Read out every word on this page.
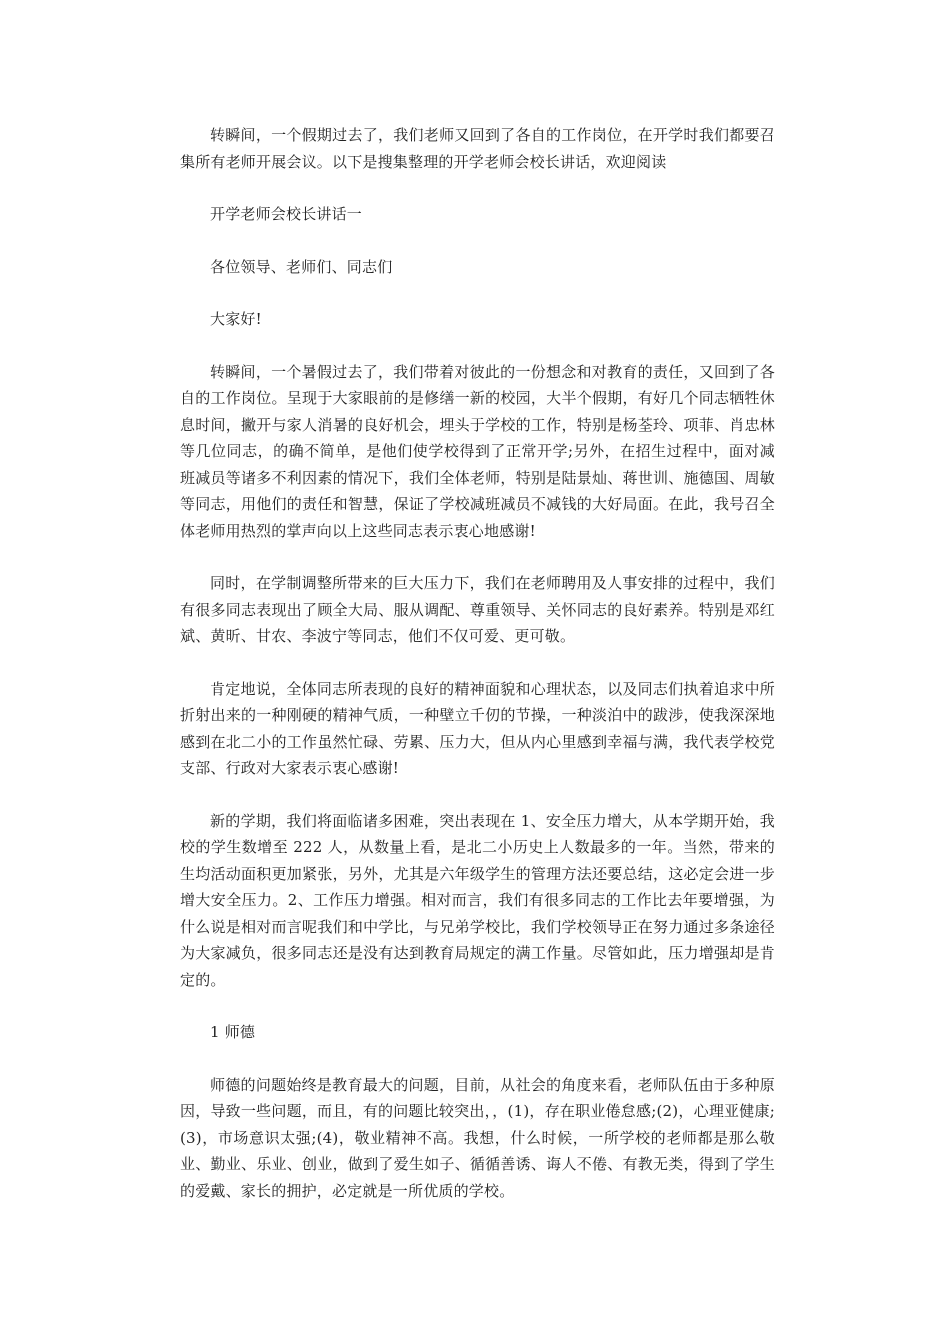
转瞬间，一个假期过去了，我们老师又回到了各自的工作岗位，在开学时我们都要召集所有老师开展会议。以下是搜集整理的开学老师会校长讲话，欢迎阅读

开学老师会校长讲话一

各位领导、老师们、同志们

大家好!

转瞬间，一个暑假过去了，我们带着对彼此的一份想念和对教育的责任，又回到了各自的工作岗位。呈现于大家眼前的是修缮一新的校园，大半个假期，有好几个同志牺牲休息时间，撇开与家人消暑的良好机会，埋头于学校的工作，特别是杨荃玲、项菲、肖忠林等几位同志，的确不简单，是他们使学校得到了正常开学;另外，在招生过程中，面对减班减员等诸多不利因素的情况下，我们全体老师，特别是陆景灿、蒋世训、施德国、周敏等同志，用他们的责任和智慧，保证了学校减班减员不减钱的大好局面。在此，我号召全体老师用热烈的掌声向以上这些同志表示衷心地感谢!

同时，在学制调整所带来的巨大压力下，我们在老师聘用及人事安排的过程中，我们有很多同志表现出了顾全大局、服从调配、尊重领导、关怀同志的良好素养。特别是邓红斌、黄昕、甘农、李波宁等同志，他们不仅可爱、更可敬。

肯定地说，全体同志所表现的良好的精神面貌和心理状态，以及同志们执着追求中所折射出来的一种刚硬的精神气质，一种壁立千仞的节操，一种淡泊中的跋涉，使我深深地感到在北二小的工作虽然忙碌、劳累、压力大，但从内心里感到幸福与满，我代表学校党支部、行政对大家表示衷心感谢!

新的学期，我们将面临诸多困难，突出表现在 1、安全压力增大，从本学期开始，我校的学生数增至 222 人，从数量上看，是北二小历史上人数最多的一年。当然，带来的生均活动面积更加紧张，另外，尤其是六年级学生的管理方法还要总结，这必定会进一步增大安全压力。2、工作压力增强。相对而言，我们有很多同志的工作比去年要增强，为什么说是相对而言呢我们和中学比，与兄弟学校比，我们学校领导正在努力通过多条途径为大家减负，很多同志还是没有达到教育局规定的满工作量。尽管如此，压力增强却是肯定的。

1 师德

师德的问题始终是教育最大的问题，目前，从社会的角度来看，老师队伍由于多种原因，导致一些问题，而且，有的问题比较突出，，(1)，存在职业倦怠感;(2)，心理亚健康;(3)，市场意识太强;(4)，敬业精神不高。我想，什么时候，一所学校的老师都是那么敬业、勤业、乐业、创业，做到了爱生如子、循循善诱、诲人不倦、有教无类，得到了学生的爱戴、家长的拥护，必定就是一所优质的学校。
